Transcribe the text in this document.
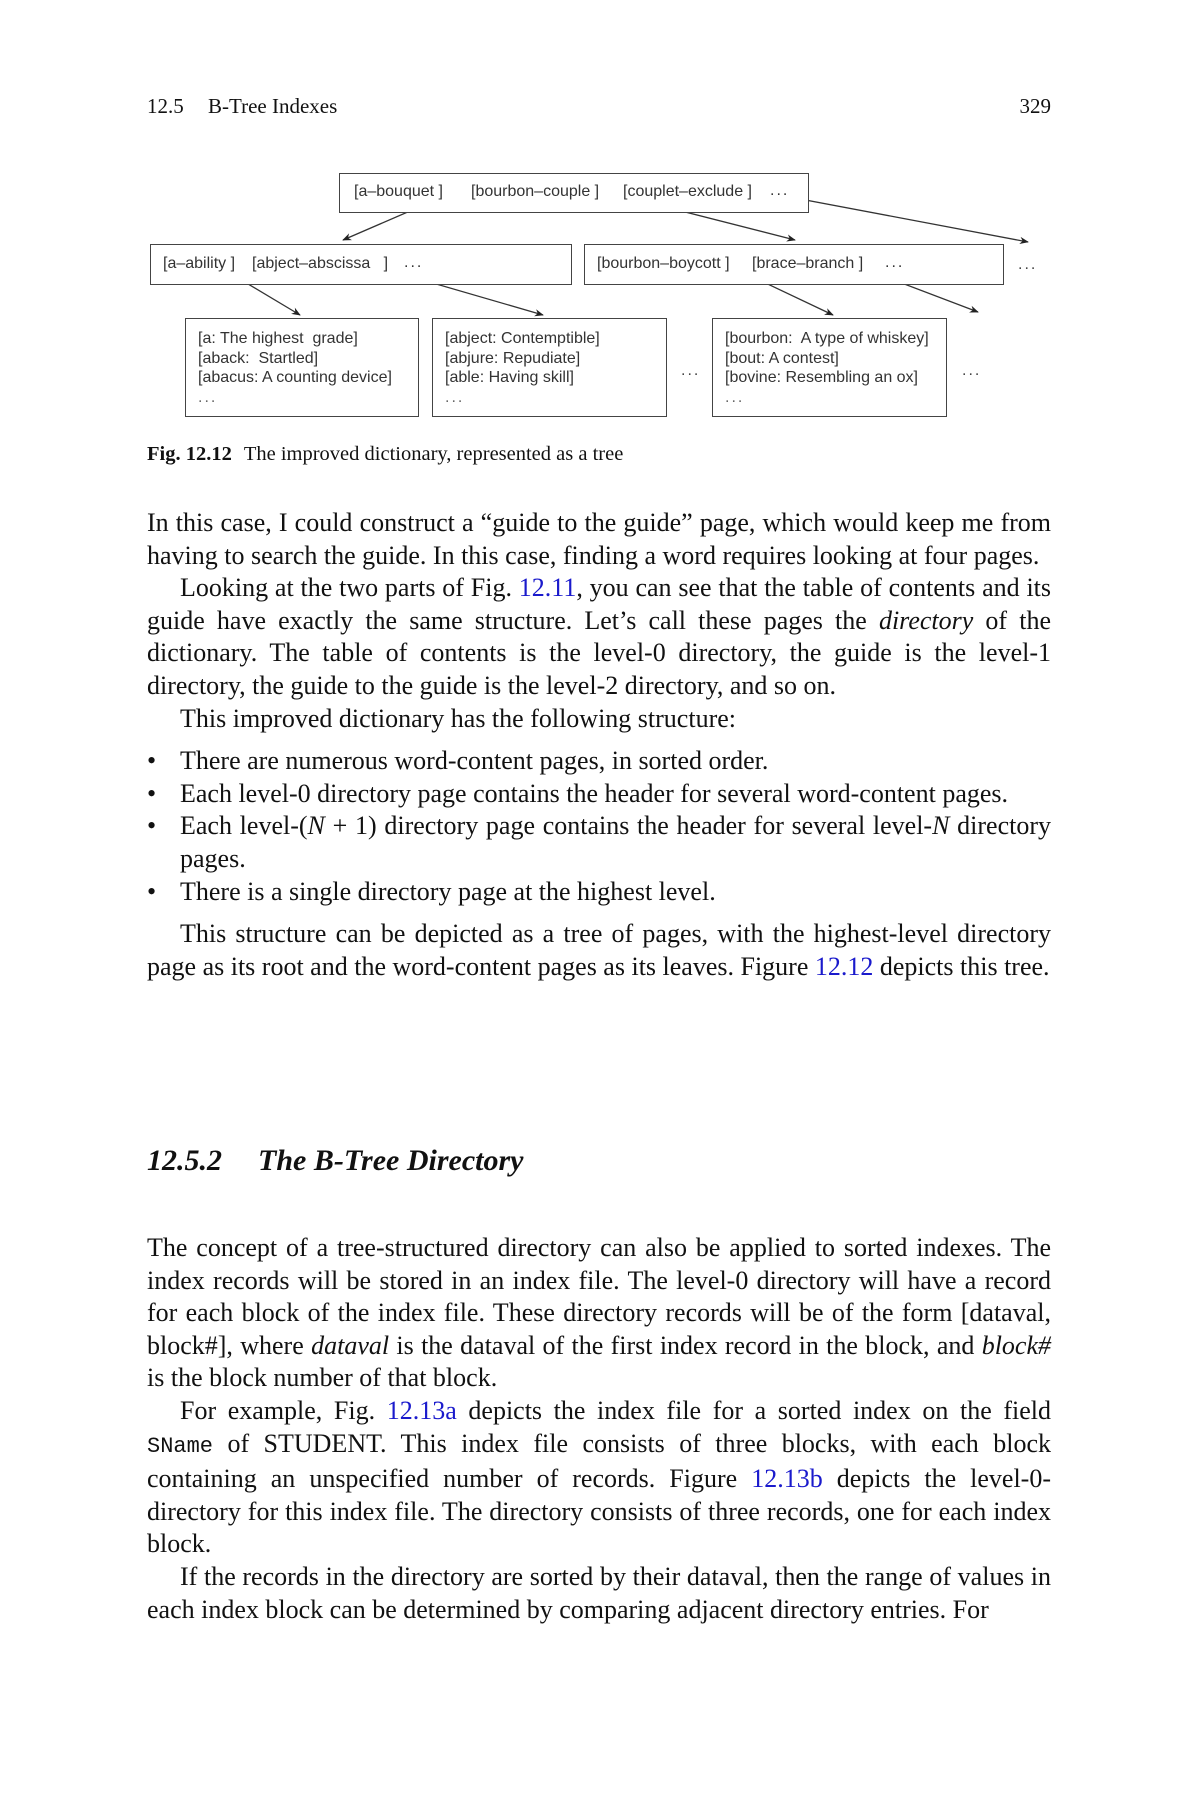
12.5 B-Tree Indexes	329
[a–bouquet ] [bourbon–couple ] [couplet–exclude ] ...
[a–ability ] [abject–abscissa   ] ...	[bourbon–boycott ] [brace–branch ] ...	...
[a: The highest  grade]
[aback:  Startled]
[abacus: A counting device]
...
[abject: Contemptible]
[abjure: Repudiate]
[able: Having skill]
...
...
[bourbon:  A type of whiskey]
[bout: A contest]
[bovine: Resembling an ox]
...
...
Fig. 12.12 The improved dictionary, represented as a tree

In this case, I could construct a “guide to the guide” page, which would keep me from having to search the guide. In this case, finding a word requires looking at four pages.

Looking at the two parts of Fig. 12.11, you can see that the table of contents and its guide have exactly the same structure. Let’s call these pages the directory of the dictionary. The table of contents is the level-0 directory, the guide is the level-1 directory, the guide to the guide is the level-2 directory, and so on.

This improved dictionary has the following structure:

• There are numerous word-content pages, in sorted order.
• Each level-0 directory page contains the header for several word-content pages.
• Each level-(N + 1) directory page contains the header for several level-N directory pages.
• There is a single directory page at the highest level.

This structure can be depicted as a tree of pages, with the highest-level directory page as its root and the word-content pages as its leaves. Figure 12.12 depicts this tree.

12.5.2 The B-Tree Directory

The concept of a tree-structured directory can also be applied to sorted indexes. The index records will be stored in an index file. The level-0 directory will have a record for each block of the index file. These directory records will be of the form [dataval, block#], where dataval is the dataval of the first index record in the block, and block# is the block number of that block.

For example, Fig. 12.13a depicts the index file for a sorted index on the field SName of STUDENT. This index file consists of three blocks, with each block containing an unspecified number of records. Figure 12.13b depicts the level-0-directory for this index file. The directory consists of three records, one for each index block.

If the records in the directory are sorted by their dataval, then the range of values in each index block can be determined by comparing adjacent directory entries. For
